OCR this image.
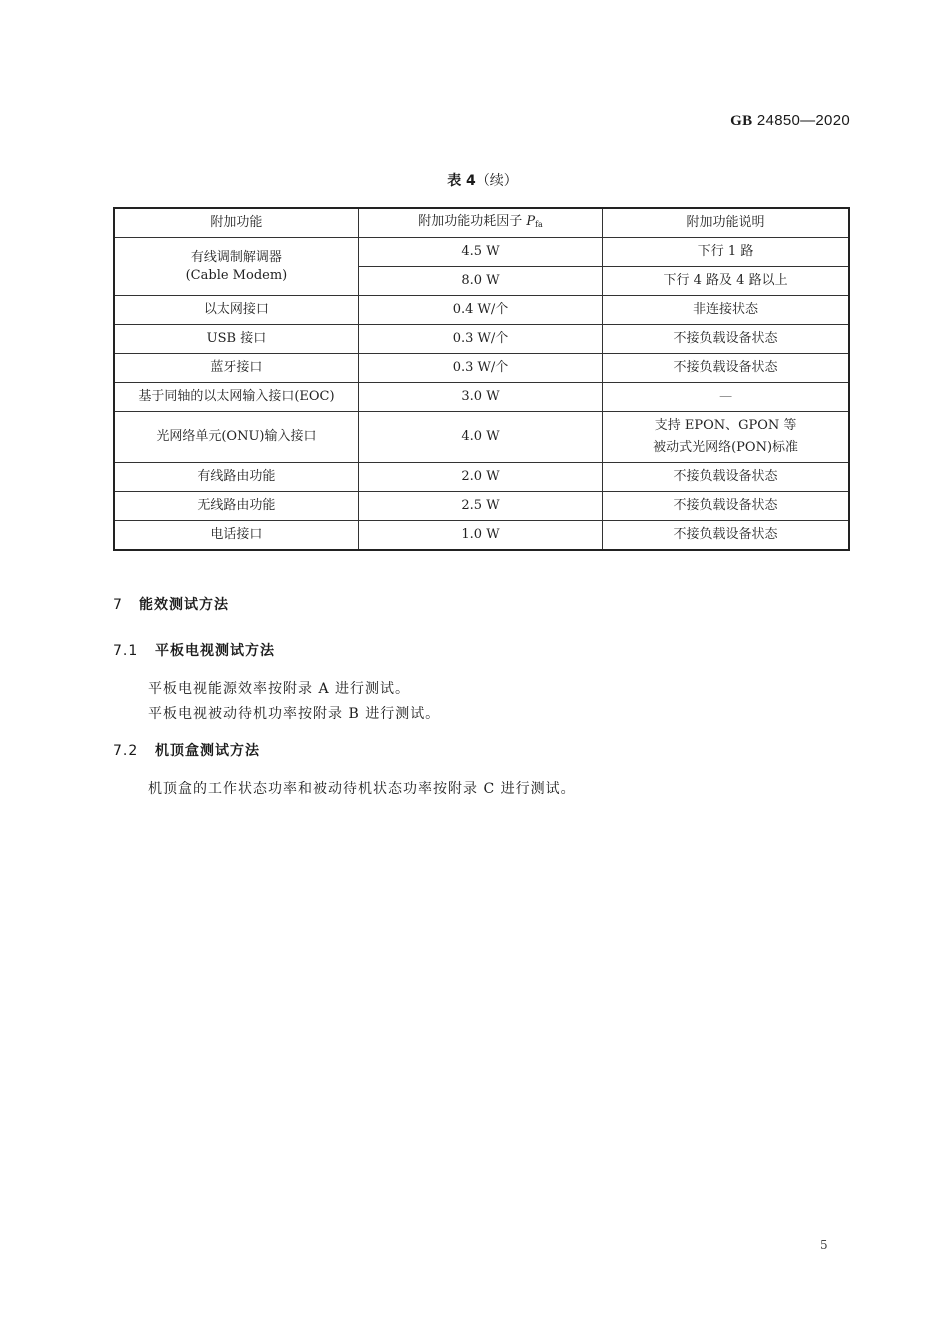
GB 24850—2020
表 4（续）
附加功能	附加功能功耗因子 $P_{fa}$	附加功能说明

有线调制解调器
(Cable Modem)	4.5 W	下行 1 路
	8.0 W	下行 4 路及 4 路以上
以太网接口	0.4 W/个	非连接状态
USB 接口	0.3 W/个	不接负载设备状态
蓝牙接口	0.3 W/个	不接负载设备状态
基于同轴的以太网输入接口(EOC)	3.0 W	—
光网络单元(ONU)输入接口	4.0 W	支持 EPON、GPON 等
被动式光网络(PON)标准

有线路由功能	2.0 W	不接负载设备状态
无线路由功能	2.5 W	不接负载设备状态
电话接口	1.0 W	不接负载设备状态
7 能效测试方法
7.1 平板电视测试方法

平板电视能源效率按附录 A 进行测试。

平板电视被动待机功率按附录 B 进行测试。

7.2 机顶盒测试方法

机顶盒的工作状态功率和被动待机状态功率按附录 C 进行测试。

5
